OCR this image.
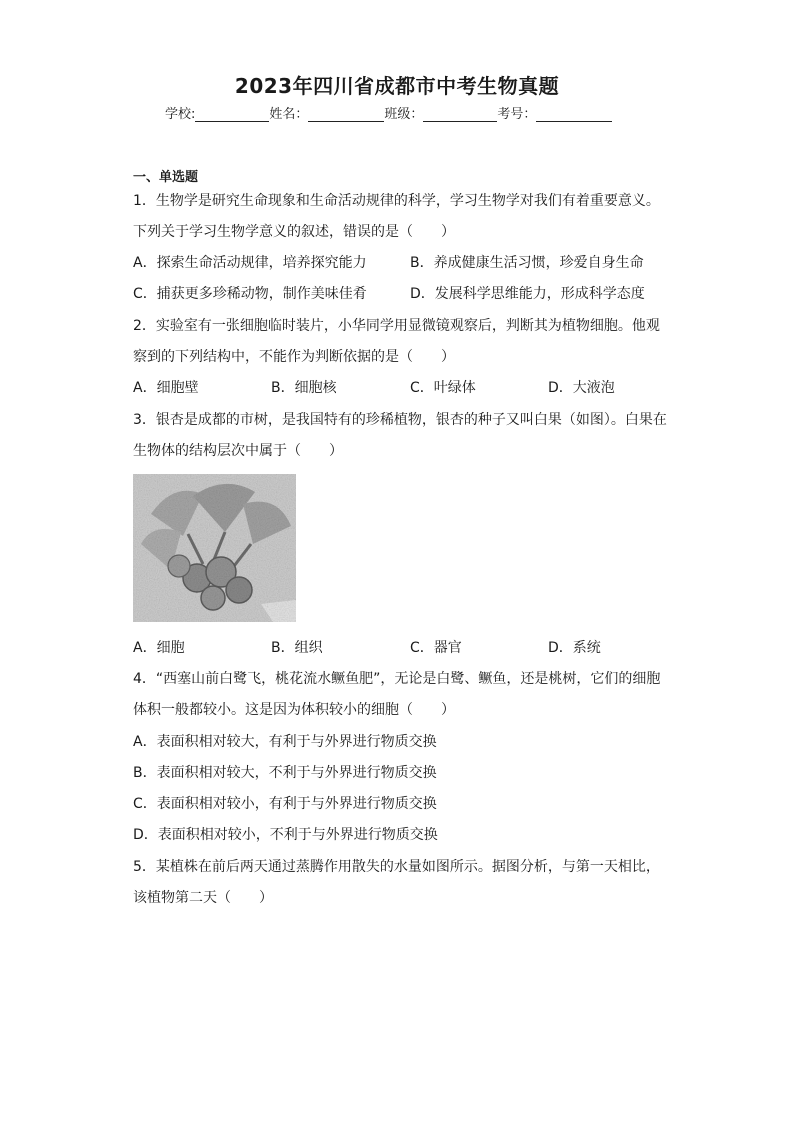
2023年四川省成都市中考生物真题
学校:	姓名：	班级：	考号：
一、单选题
1．生物学是研究生命现象和生命活动规律的科学，学习生物学对我们有着重要意义。
下列关于学习生物学意义的叙述，错误的是（　　）
A．探索生命活动规律，培养探究能力	B．养成健康生活习惯，珍爱自身生命
C．捕获更多珍稀动物，制作美味佳肴	D．发展科学思维能力，形成科学态度
2．实验室有一张细胞临时装片，小华同学用显微镜观察后，判断其为植物细胞。他观
察到的下列结构中，不能作为判断依据的是（　　）
A．细胞壁	B．细胞核	C．叶绿体	D．大液泡
3．银杏是成都的市树，是我国特有的珍稀植物，银杏的种子又叫白果（如图）。白果在
生物体的结构层次中属于（　　）
A．细胞	B．组织	C．器官	D．系统
4．“西塞山前白鹭飞，桃花流水鳜鱼肥”，无论是白鹭、鳜鱼，还是桃树，它们的细胞
体积一般都较小。这是因为体积较小的细胞（　　）
A．表面积相对较大，有利于与外界进行物质交换
B．表面积相对较大，不利于与外界进行物质交换
C．表面积相对较小，有利于与外界进行物质交换
D．表面积相对较小，不利于与外界进行物质交换
5．某植株在前后两天通过蒸腾作用散失的水量如图所示。据图分析，与第一天相比，
该植物第二天（　　）
